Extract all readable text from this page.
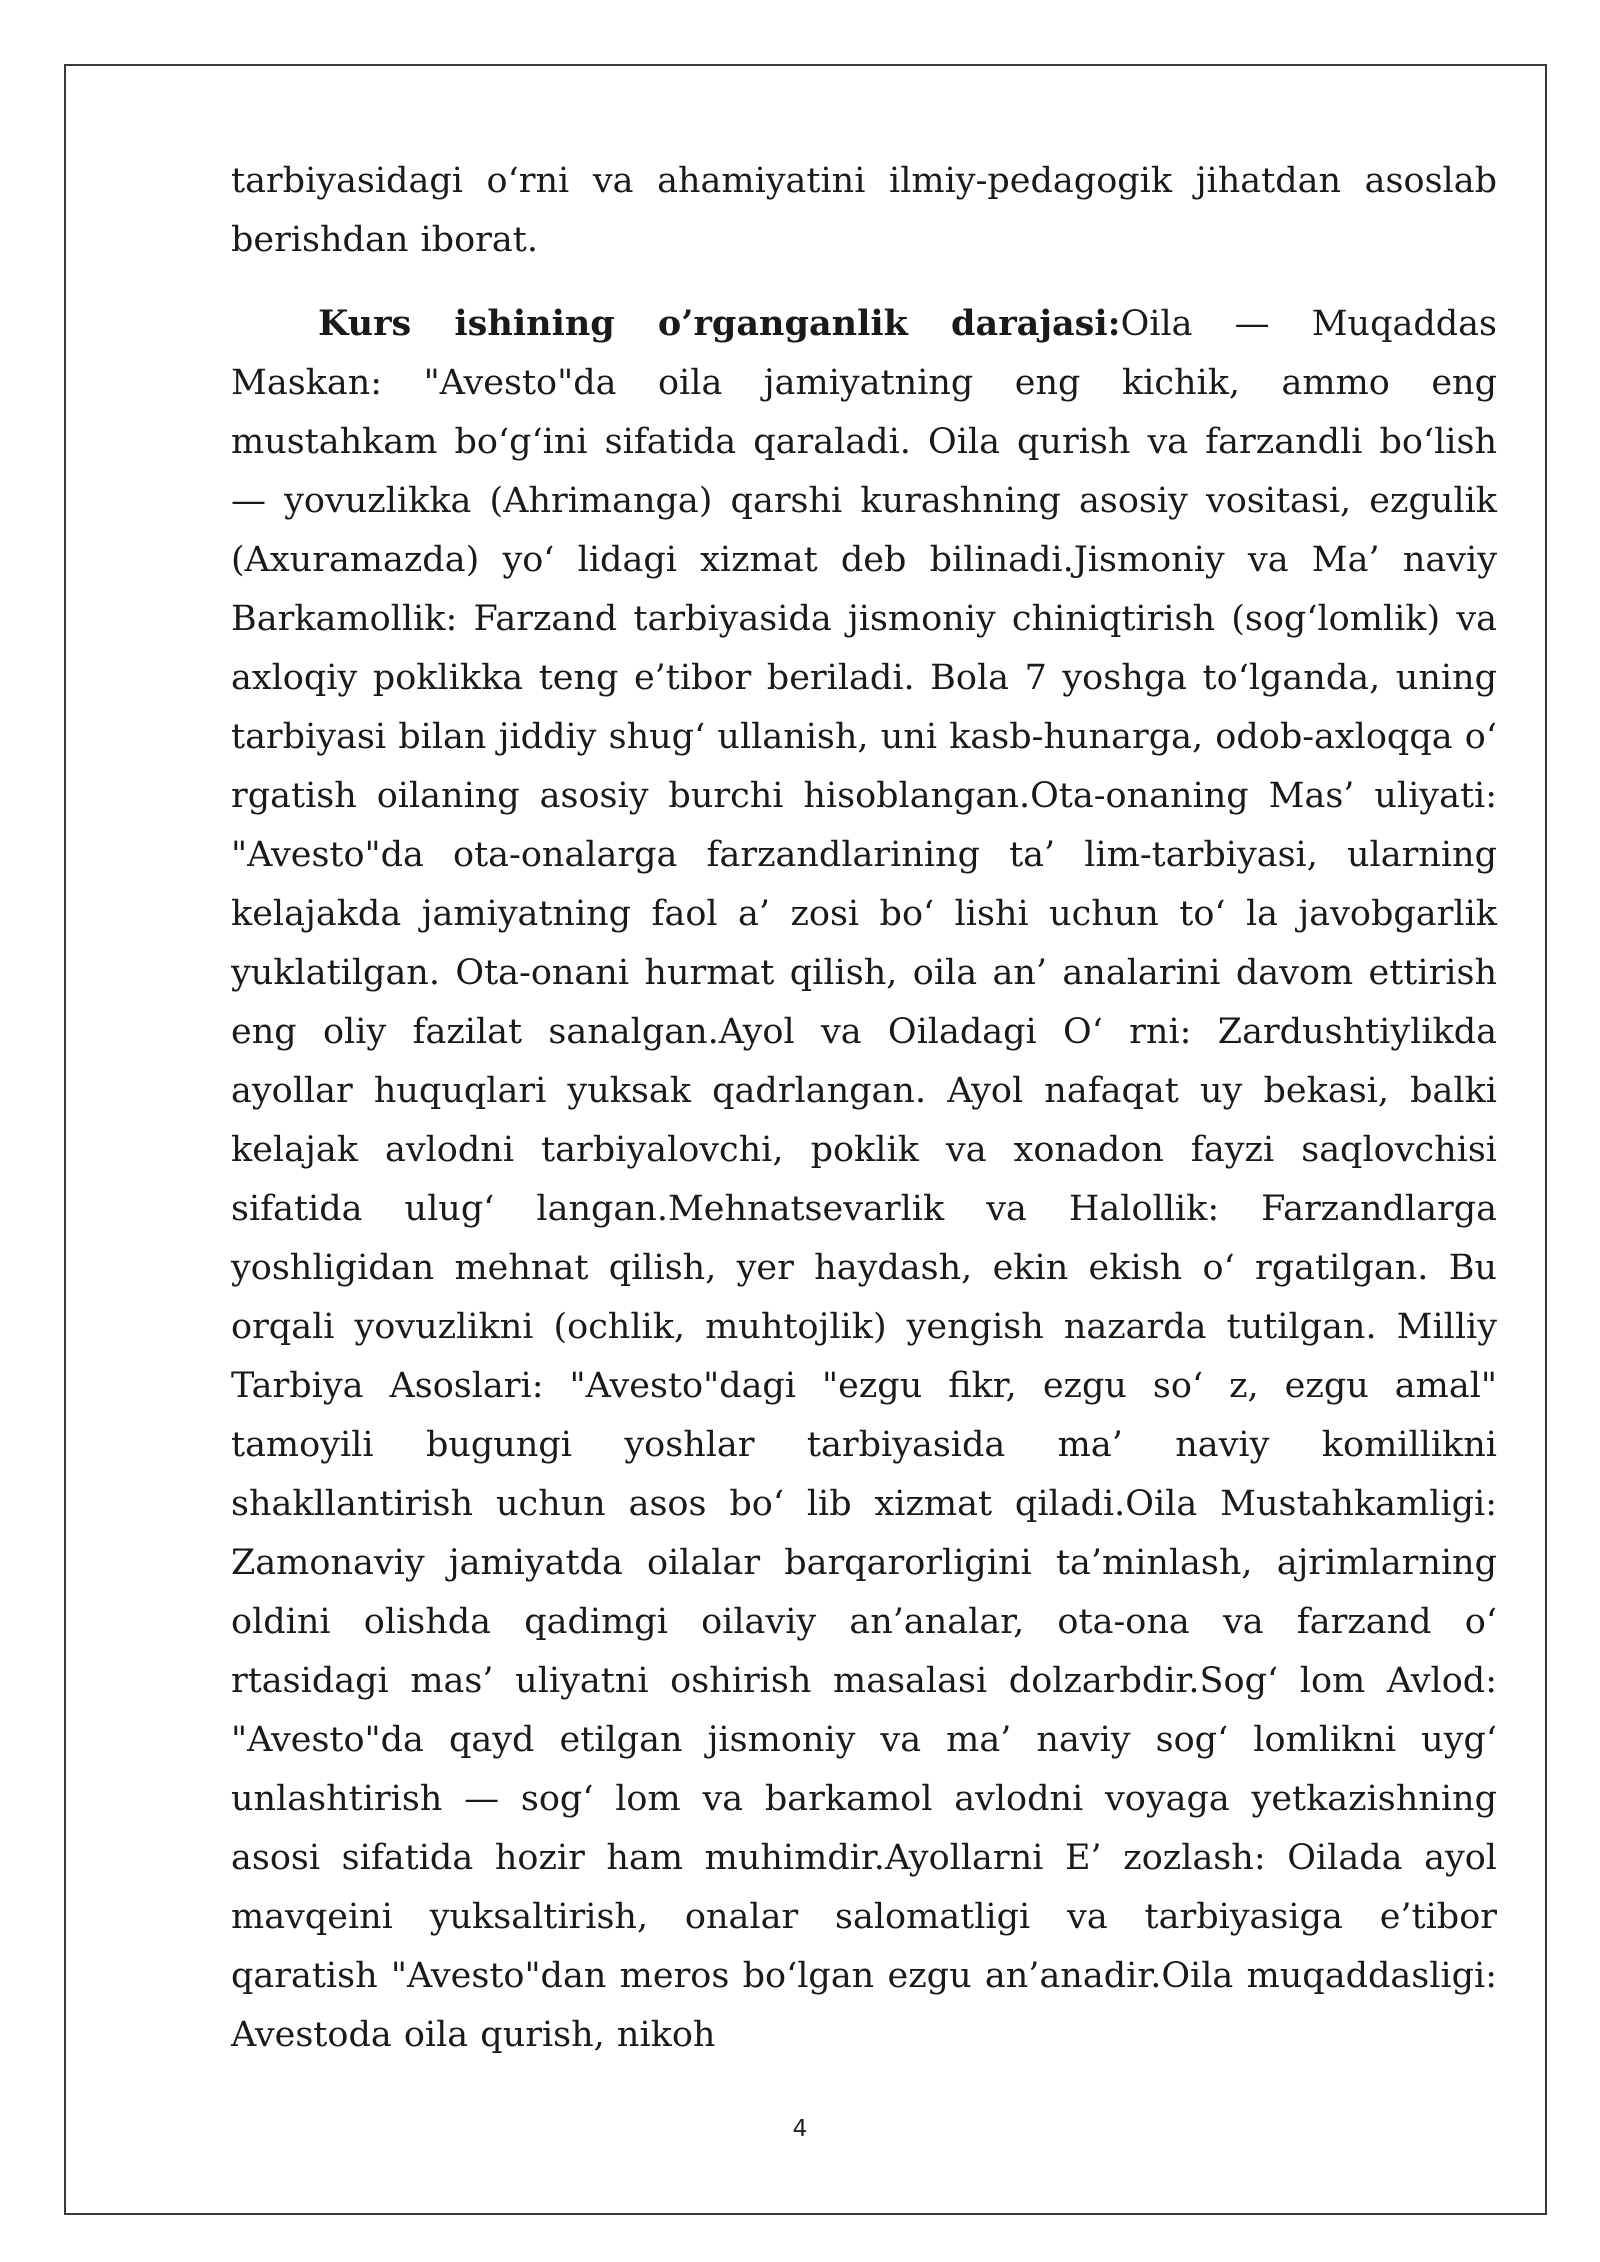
tarbiyasidagi o‘rni va ahamiyatini ilmiy-pedagogik jihatdan asoslab berishdan iborat.

Kurs ishining o’rganganlik darajasi:Oila — Muqaddas Maskan: "Avesto"da oila jamiyatning eng kichik, ammo eng mustahkam bo‘g‘ini sifatida qaraladi. Oila qurish va farzandli bo‘lish — yovuzlikka (Ahrimanga) qarshi kurashning asosiy vositasi, ezgulik (Axuramazda) yo‘ lidagi xizmat deb bilinadi.Jismoniy va Ma’ naviy Barkamollik: Farzand tarbiyasida jismoniy chiniqtirish (sog‘lomlik) va axloqiy poklikka teng e’tibor beriladi. Bola 7 yoshga to‘lganda, uning tarbiyasi bilan jiddiy shug‘ ullanish, uni kasb-hunarga, odob-axloqqa o‘ rgatish oilaning asosiy burchi hisoblangan.Ota-onaning Mas’ uliyati: "Avesto"da ota-onalarga farzandlarining ta’ lim-tarbiyasi, ularning kelajakda jamiyatning faol a’ zosi bo‘ lishi uchun to‘ la javobgarlik yuklatilgan. Ota-onani hurmat qilish, oila an’ analarini davom ettirish eng oliy fazilat sanalgan.Ayol va Oiladagi O‘ rni: Zardushtiylikda ayollar huquqlari yuksak qadrlangan. Ayol nafaqat uy bekasi, balki kelajak avlodni tarbiyalovchi, poklik va xonadon fayzi saqlovchisi sifatida ulug‘ langan.Mehnatsevarlik va Halollik: Farzandlarga yoshligidan mehnat qilish, yer haydash, ekin ekish o‘ rgatilgan. Bu orqali yovuzlikni (ochlik, muhtojlik) yengish nazarda tutilgan. Milliy Tarbiya Asoslari: "Avesto"dagi "ezgu fikr, ezgu so‘ z, ezgu amal" tamoyili bugungi yoshlar tarbiyasida ma’ naviy komillikni shakllantirish uchun asos bo‘ lib xizmat qiladi.Oila Mustahkamligi: Zamonaviy jamiyatda oilalar barqarorligini ta’minlash, ajrimlarning oldini olishda qadimgi oilaviy an’analar, ota-ona va farzand o‘ rtasidagi mas’ uliyatni oshirish masalasi dolzarbdir.Sog‘ lom Avlod: "Avesto"da qayd etilgan jismoniy va ma’ naviy sog‘ lomlikni uyg‘ unlashtirish — sog‘ lom va barkamol avlodni voyaga yetkazishning asosi sifatida hozir ham muhimdir.Ayollarni E’ zozlash: Oilada ayol mavqeini yuksaltirish, onalar salomatligi va tarbiyasiga e’tibor qaratish "Avesto"dan meros bo‘lgan ezgu an’anadir.Oila muqaddasligi: Avestoda oila qurish, nikoh

4
